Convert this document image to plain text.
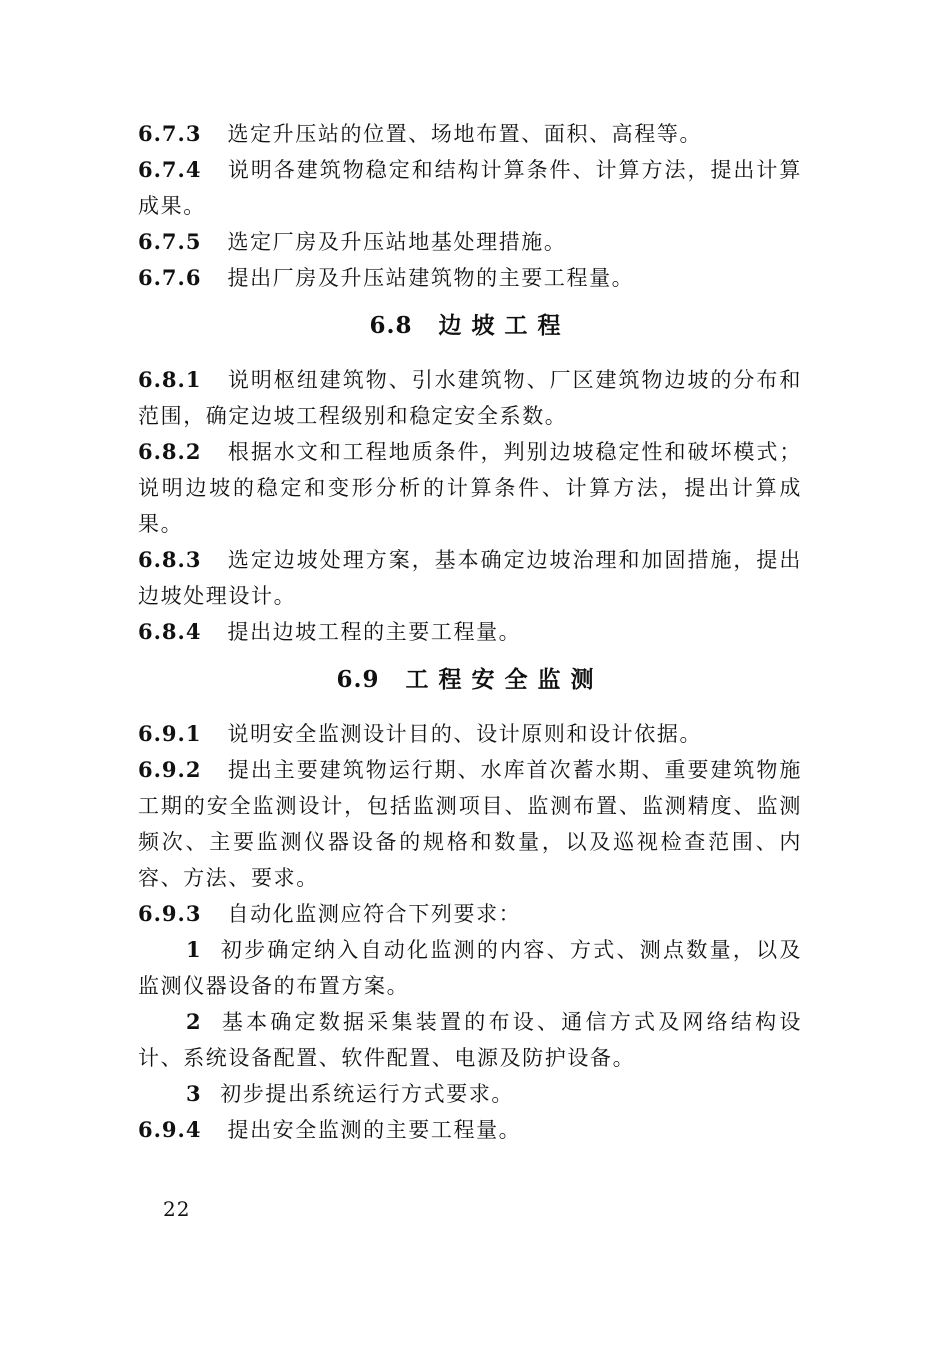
6.7.3 选定升压站的位置、场地布置、面积、高程等。

6.7.4 说明各建筑物稳定和结构计算条件、计算方法，提出计算成果。

6.7.5 选定厂房及升压站地基处理措施。

6.7.6 提出厂房及升压站建筑物的主要工程量。

6.8 边坡工程

6.8.1 说明枢纽建筑物、引水建筑物、厂区建筑物边坡的分布和范围，确定边坡工程级别和稳定安全系数。

6.8.2 根据水文和工程地质条件，判别边坡稳定性和破坏模式；说明边坡的稳定和变形分析的计算条件、计算方法，提出计算成果。

6.8.3 选定边坡处理方案，基本确定边坡治理和加固措施，提出边坡处理设计。

6.8.4 提出边坡工程的主要工程量。

6.9 工程安全监测

6.9.1 说明安全监测设计目的、设计原则和设计依据。

6.9.2 提出主要建筑物运行期、水库首次蓄水期、重要建筑物施工期的安全监测设计，包括监测项目、监测布置、监测精度、监测频次、主要监测仪器设备的规格和数量，以及巡视检查范围、内容、方法、要求。

6.9.3 自动化监测应符合下列要求：

1 初步确定纳入自动化监测的内容、方式、测点数量，以及监测仪器设备的布置方案。

2 基本确定数据采集装置的布设、通信方式及网络结构设计、系统设备配置、软件配置、电源及防护设备。

3 初步提出系统运行方式要求。

6.9.4 提出安全监测的主要工程量。

22
